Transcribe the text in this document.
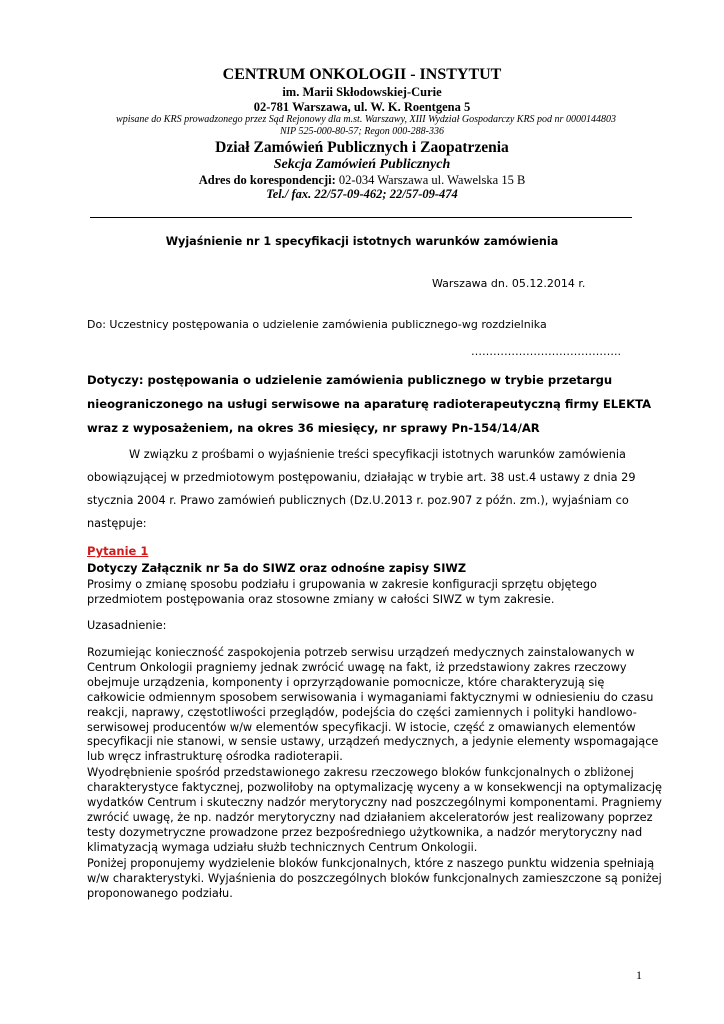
CENTRUM ONKOLOGII - INSTYTUT
im. Marii Skłodowskiej-Curie
02-781 Warszawa, ul. W. K. Roentgena 5
wpisane do KRS prowadzonego przez Sąd Rejonowy dla m.st. Warszawy, XIII Wydział Gospodarczy KRS pod nr 0000144803
NIP 525-000-80-57; Regon 000-288-336
Dział Zamówień Publicznych i Zaopatrzenia
Sekcja Zamówień Publicznych
Adres do korespondencji: 02-034 Warszawa ul. Wawelska 15 B
Tel./ fax. 22/57-09-462; 22/57-09-474
Wyjaśnienie nr 1 specyfikacji istotnych warunków zamówienia
Warszawa dn. 05.12.2014 r.
Do: Uczestnicy postępowania o udzielenie zamówienia publicznego-wg rozdzielnika
…………………………………..
Dotyczy: postępowania o udzielenie zamówienia publicznego w trybie przetargu
nieograniczonego na usługi serwisowe na aparaturę radioterapeutyczną firmy ELEKTA
wraz z wyposażeniem, na okres 36 miesięcy, nr sprawy Pn-154/14/AR
W związku z prośbami o wyjaśnienie treści specyfikacji istotnych warunków zamówienia
obowiązującej w przedmiotowym postępowaniu, działając w trybie art. 38 ust.4 ustawy z dnia 29
stycznia 2004 r. Prawo zamówień publicznych (Dz.U.2013 r. poz.907 z późn. zm.), wyjaśniam co
następuje:
Pytanie 1
Dotyczy Załącznik nr 5a do SIWZ oraz odnośne zapisy SIWZ
Prosimy o zmianę sposobu podziału i grupowania w zakresie konfiguracji sprzętu objętego
przedmiotem postępowania oraz stosowne zmiany w całości SIWZ w tym zakresie.
Uzasadnienie:
Rozumiejąc konieczność zaspokojenia potrzeb serwisu urządzeń medycznych zainstalowanych w
Centrum Onkologii pragniemy jednak zwrócić uwagę na fakt, iż przedstawiony zakres rzeczowy
obejmuje urządzenia, komponenty i oprzyrządowanie pomocnicze, które charakteryzują się
całkowicie odmiennym sposobem serwisowania i wymaganiami faktycznymi w odniesieniu do czasu
reakcji, naprawy, częstotliwości przeglądów, podejścia do części zamiennych i polityki handlowo-
serwisowej producentów w/w elementów specyfikacji. W istocie, część z omawianych elementów
specyfikacji nie stanowi, w sensie ustawy, urządzeń medycznych, a jedynie elementy wspomagające
lub wręcz infrastrukturę ośrodka radioterapii.
Wyodrębnienie spośród przedstawionego zakresu rzeczowego bloków funkcjonalnych o zbliżonej
charakterystyce faktycznej, pozwoliłoby na optymalizację wyceny a w konsekwencji na optymalizację
wydatków Centrum i skuteczny nadzór merytoryczny nad poszczególnymi komponentami. Pragniemy
zwrócić uwagę, że np. nadzór merytoryczny nad działaniem akceleratorów jest realizowany poprzez
testy dozymetryczne prowadzone przez bezpośredniego użytkownika, a nadzór merytoryczny nad
klimatyzacją wymaga udziału służb technicznych Centrum Onkologii.
Poniżej proponujemy wydzielenie bloków funkcjonalnych, które z naszego punktu widzenia spełniają
w/w charakterystyki. Wyjaśnienia do poszczególnych bloków funkcjonalnych zamieszczone są poniżej
proponowanego podziału.
1
